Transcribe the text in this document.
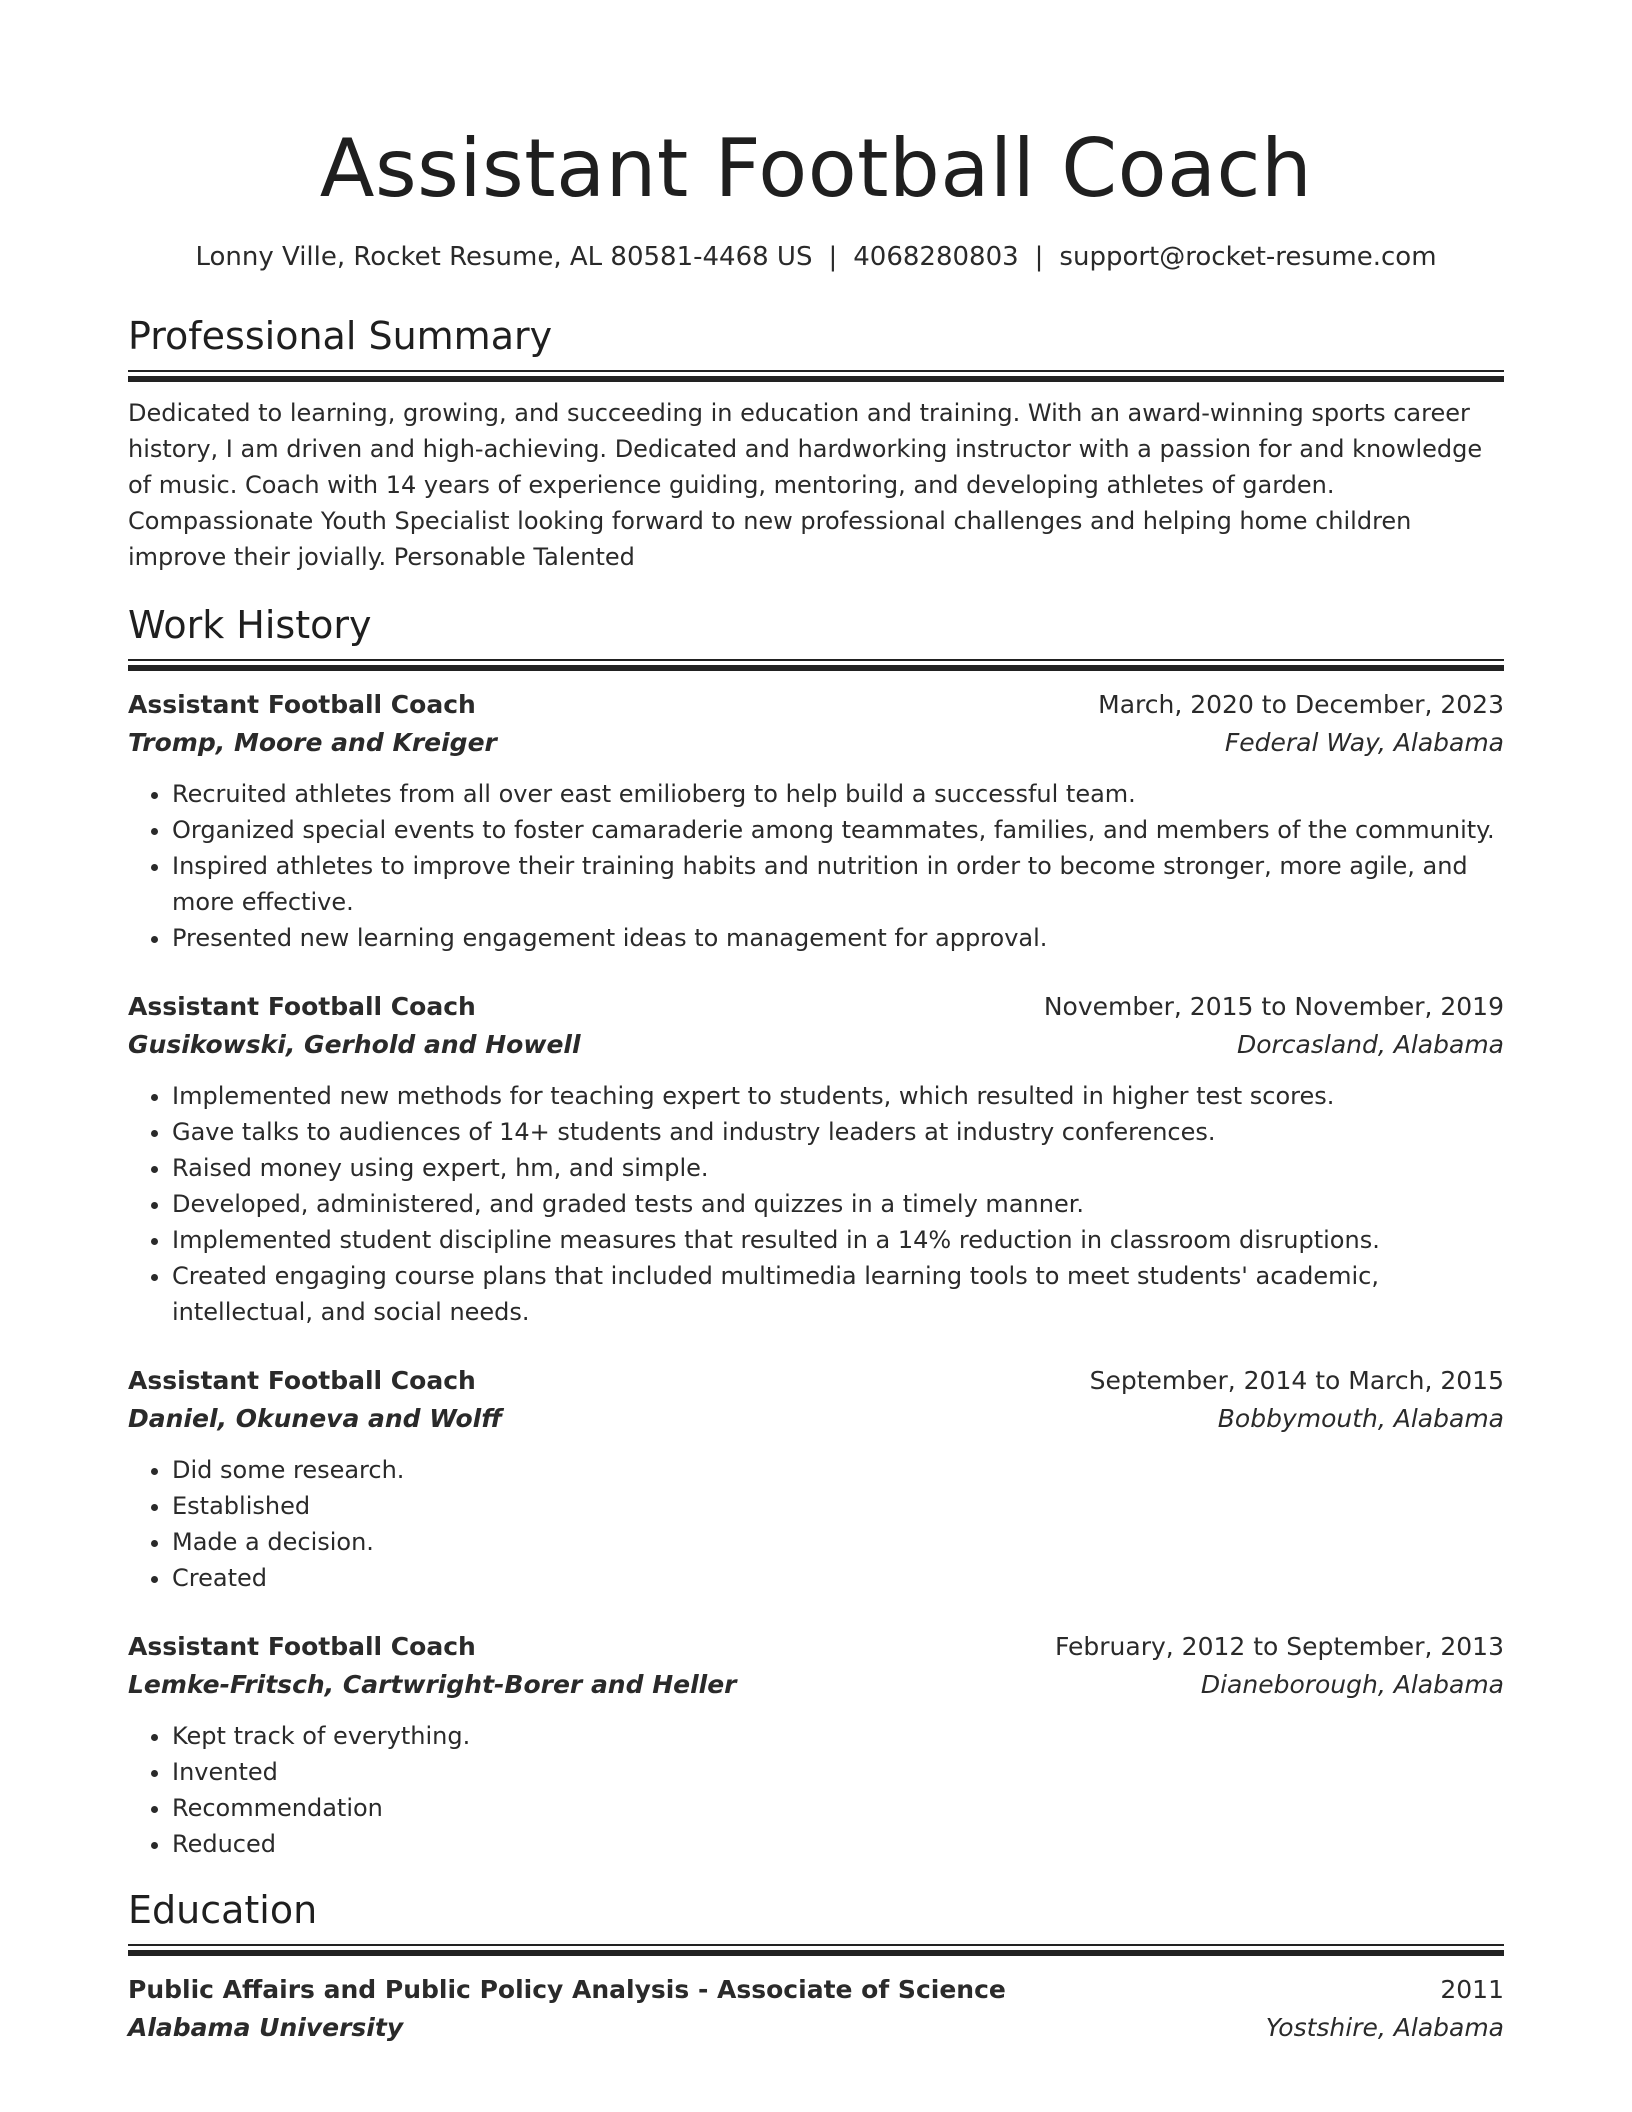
Assistant Football Coach
Lonny Ville, Rocket Resume, AL 80581-4468 US | 4068280803 | support@rocket-resume.com
Professional Summary
Dedicated to learning, growing, and succeeding in education and training. With an award-winning sports career history, I am driven and high-achieving. Dedicated and hardworking instructor with a passion for and knowledge of music. Coach with 14 years of experience guiding, mentoring, and developing athletes of garden. Compassionate Youth Specialist looking forward to new professional challenges and helping home children improve their jovially. Personable Talented
Work History
Assistant Football Coach	March, 2020 to December, 2023
Tromp, Moore and Kreiger	Federal Way, Alabama
• Recruited athletes from all over east emilioberg to help build a successful team.
• Organized special events to foster camaraderie among teammates, families, and members of the community.
• Inspired athletes to improve their training habits and nutrition in order to become stronger, more agile, and more effective.
• Presented new learning engagement ideas to management for approval.
Assistant Football Coach	November, 2015 to November, 2019
Gusikowski, Gerhold and Howell	Dorcasland, Alabama
• Implemented new methods for teaching expert to students, which resulted in higher test scores.
• Gave talks to audiences of 14+ students and industry leaders at industry conferences.
• Raised money using expert, hm, and simple.
• Developed, administered, and graded tests and quizzes in a timely manner.
• Implemented student discipline measures that resulted in a 14% reduction in classroom disruptions.
• Created engaging course plans that included multimedia learning tools to meet students' academic, intellectual, and social needs.
Assistant Football Coach	September, 2014 to March, 2015
Daniel, Okuneva and Wolff	Bobbymouth, Alabama
• Did some research.
• Established
• Made a decision.
• Created
Assistant Football Coach	February, 2012 to September, 2013
Lemke-Fritsch, Cartwright-Borer and Heller	Dianeborough, Alabama
• Kept track of everything.
• Invented
• Recommendation
• Reduced
Education
Public Affairs and Public Policy Analysis - Associate of Science	2011
Alabama University	Yostshire, Alabama
